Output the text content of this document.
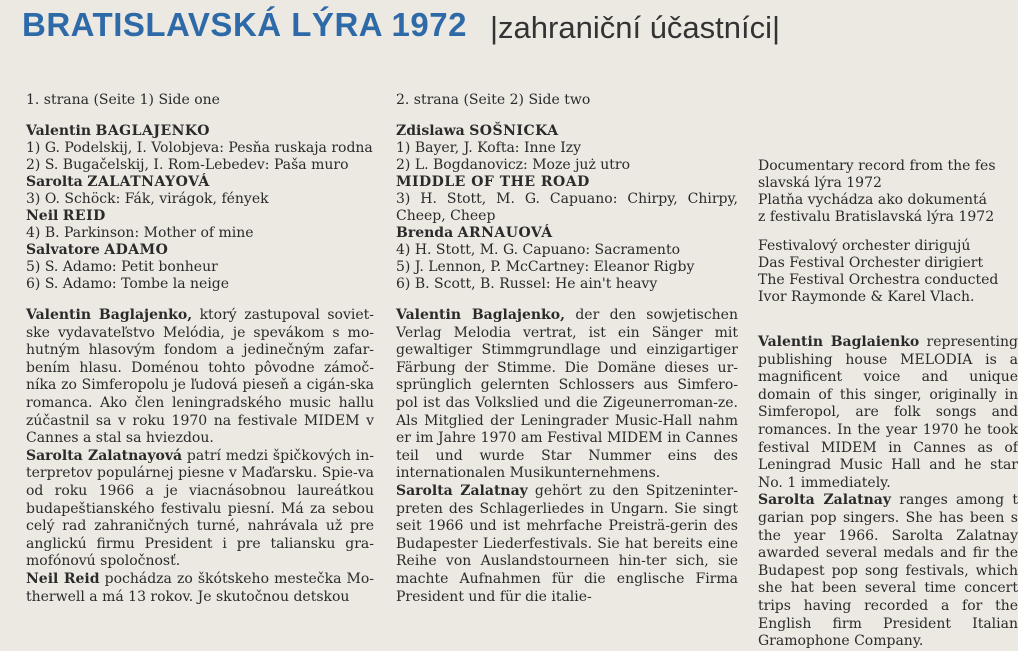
BRATISLAVSKÁ LÝRA 1972 |zahraniční účastníci|
1. strana (Seite 1) Side one
Valentin BAGLAJENKO
1) G. Podelskij, I. Volobjeva: Pesňa ruskaja rodna
2) S. Bugačelskij, I. Rom-Lebedev: Paša muro
Sarolta ZALATNAYOVÁ
3) O. Schöck: Fák, virágok, fények
Neil REID
4) B. Parkinson: Mother of mine
Salvatore ADAMO
5) S. Adamo: Petit bonheur
6) S. Adamo: Tombe la neige

Valentin Baglajenko, ktorý zastupoval soviet-ske vydavateľstvo Melódia, je spevákom s mo-hutným hlasovým fondom a jedinečným zafar-bením hlasu. Doménou tohto pôvodne zámoč-níka zo Simferopolu je ľudová pieseň a cigán-ska romanca. Ako člen leningradského music hallu zúčastnil sa v roku 1970 na festivale MIDEM v Cannes a stal sa hviezdou.

Sarolta Zalatnayová patrí medzi špičkových in-terpretov populárnej piesne v Maďarsku. Spie-va od roku 1966 a je viacnásobnou laureátkou budapeštianského festivalu piesní. Má za sebou celý rad zahraničných turné, nahrávala už pre anglickú firmu President i pre taliansku gra-mofónovú spoločnosť.

Neil Reid pochádza zo škótskeho mestečka Mo-therwell a má 13 rokov. Je skutočnou detskou

2. strana (Seite 2) Side two
Zdislawa SOŠNICKA
1) Bayer, J. Kofta: Inne Izy
2) L. Bogdanovicz: Moze już utro
MIDDLE OF THE ROAD
3) H. Stott, M. G. Capuano: Chirpy, Chirpy, Cheep, Cheep
Brenda ARNAUOVÁ
4) H. Stott, M. G. Capuano: Sacramento
5) J. Lennon, P. McCartney: Eleanor Rigby
6) B. Scott, B. Russel: He ain't heavy

Valentin Baglajenko, der den sowjetischen Verlag Melodia vertrat, ist ein Sänger mit gewaltiger Stimmgrundlage und einzigartiger Färbung der Stimme. Die Domäne dieses ur-sprünglich gelernten Schlossers aus Simfero-pol ist das Volkslied und die Zigeunerroman-ze. Als Mitglied der Leningrader Music-Hall nahm er im Jahre 1970 am Festival MIDEM in Cannes teil und wurde Star Nummer eins des internationalen Musikunternehmens.

Sarolta Zalatnay gehört zu den Spitzeninter-preten des Schlagerliedes in Ungarn. Sie singt seit 1966 und ist mehrfache Preisträ-gerin des Budapester Liederfestivals. Sie hat bereits eine Reihe von Auslandstourneen hin-ter sich, sie machte Aufnahmen für die englische Firma President und für die italie-

Documentary record from the fes
slavská lýra 1972
Platňa vychádza ako dokumentá
z festivalu Bratislavská lýra 1972
Festivalový orchester dirigujú
Das Festival Orchester dirigiert
The Festival Orchestra conducted
Ivor Raymonde & Karel Vlach.

Valentin Baglaienko representing publishing house MELODIA is a magnificent voice and unique domain of this singer, originally in Simferopol, are folk songs and romances. In the year 1970 he took festival MIDEM in Cannes as of Leningrad Music Hall and he star No. 1 immediately.

Sarolta Zalatnay ranges among t garian pop singers. She has been s the year 1966. Sarolta Zalatnay awarded several medals and fir the Budapest pop song festivals, which she hat been several time concert trips having recorded a for the English firm President Italian Gramophone Company.
